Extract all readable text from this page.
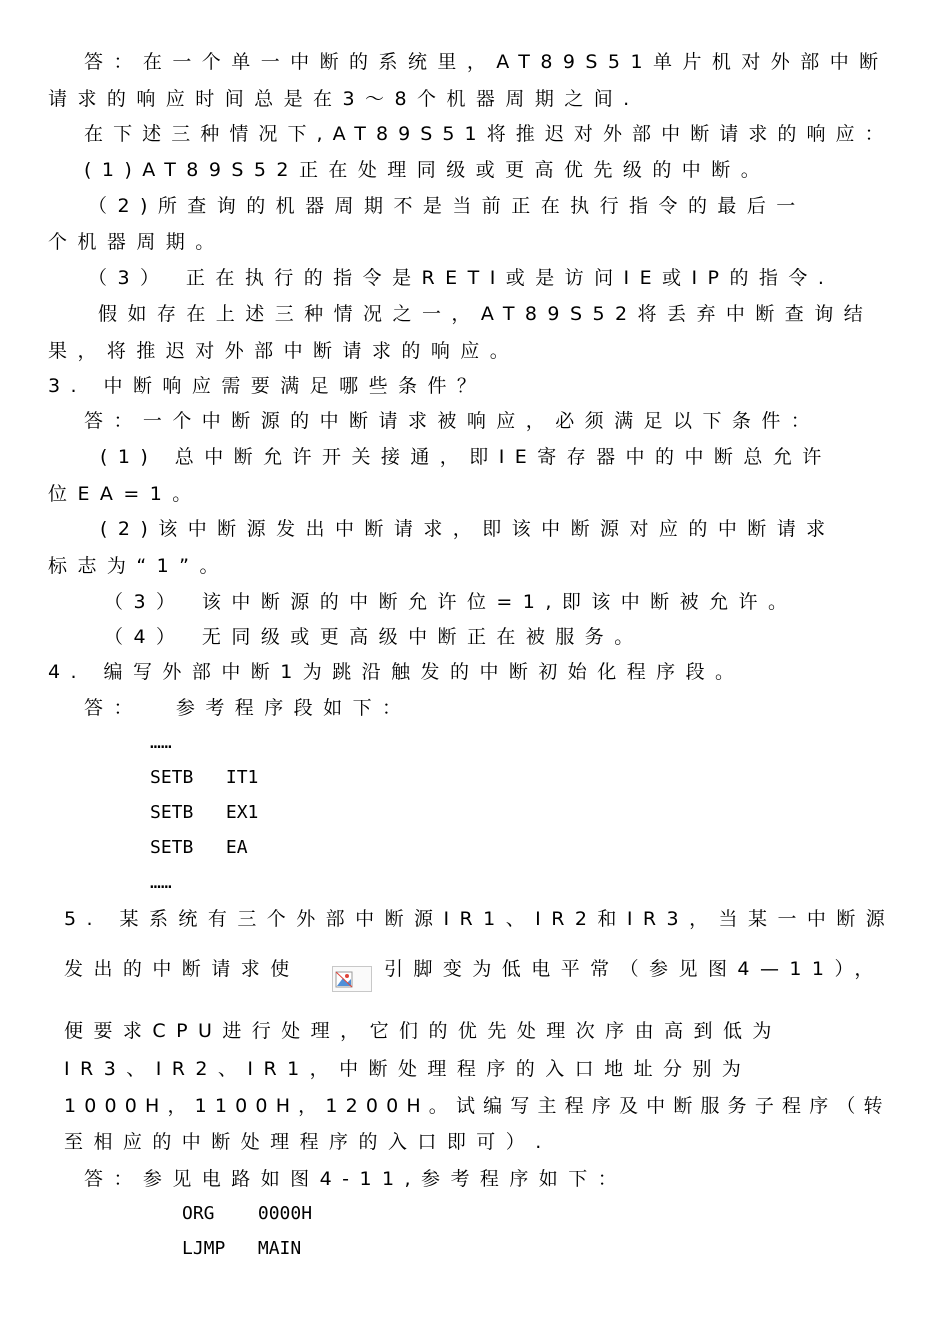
答：在一个单一中断的系统里，AT89S51单片机对外部中断
请求的响应时间总是在3～8个机器周期之间.
在下述三种情况下,AT89S51将推迟对外部中断请求的响应：
(1)AT89S52正在处理同级或更高优先级的中断。
（2)所查询的机器周期不是当前正在执行指令的最后一
个机器周期。
（3） 正在执行的指令是RETI或是访问IE或IP的指令.
假如存在上述三种情况之一，AT89S52将丢弃中断查询结
果，将推迟对外部中断请求的响应。
3. 中断响应需要满足哪些条件？
答：一个中断源的中断请求被响应，必须满足以下条件：
(1) 总中断允许开关接通，即IE寄存器中的中断总允许
位EA=1。
(2)该中断源发出中断请求，即该中断源对应的中断请求
标志为“1”。
（3） 该中断源的中断允许位=1,即该中断被允许。
（4） 无同级或更高级中断正在被服务。
4. 编写外部中断1为跳沿触发的中断初始化程序段。
答：  参考程序段如下：
……
SETB   IT1
SETB   EX1
SETB   EA
……
5. 某系统有三个外部中断源IR1、IR2和IR3，当某一中断源
发出的中断请求使	引脚变为低电平常（参见图4—11），
便要求CPU进行处理，它们的优先处理次序由高到低为
IR3、IR2、IR1，中断处理程序的入口地址分别为
1000H，1100H，1200H。试编写主程序及中断服务子程序（转
至相应的中断处理程序的入口即可）.
答：参见电路如图4-11,参考程序如下：
ORG    0000H
LJMP   MAIN
